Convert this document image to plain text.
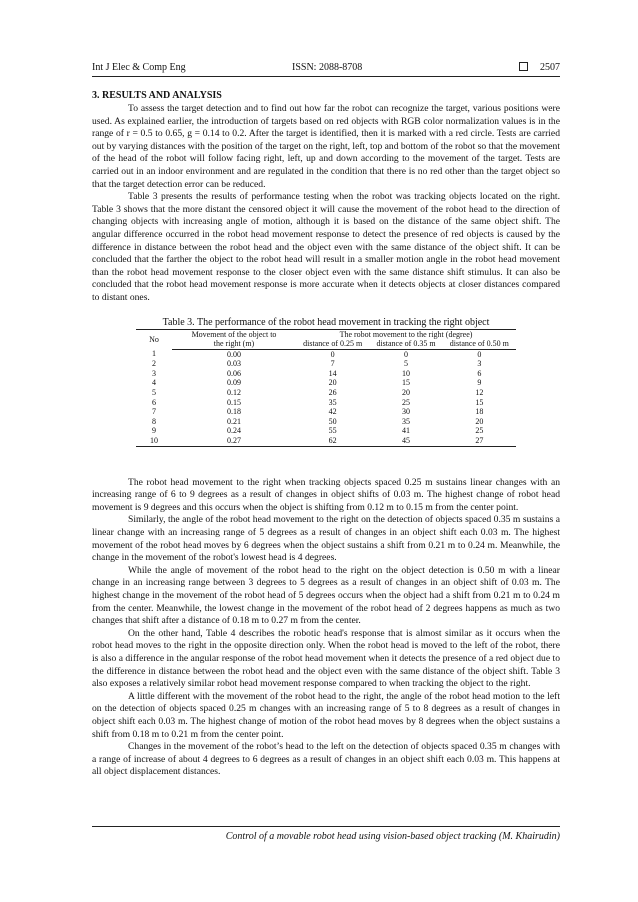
Int J Elec & Comp Eng	ISSN: 2088-8708	2507
3. RESULTS AND ANALYSIS

To assess the target detection and to find out how far the robot can recognize the target, various positions were used. As explained earlier, the introduction of targets based on red objects with RGB color normalization values is in the range of r = 0.5 to 0.65, g = 0.14 to 0.2. After the target is identified, then it is marked with a red circle. Tests are carried out by varying distances with the position of the target on the right, left, top and bottom of the robot so that the movement of the head of the robot will follow facing right, left, up and down according to the movement of the target. Tests are carried out in an indoor environment and are regulated in the condition that there is no red other than the target object so that the target detection error can be reduced.

Table 3 presents the results of performance testing when the robot was tracking objects located on the right. Table 3 shows that the more distant the censored object it will cause the movement of the robot head to the direction of changing objects with increasing angle of motion, although it is based on the distance of the same object shift. The angular difference occurred in the robot head movement response to detect the presence of red objects is caused by the difference in distance between the robot head and the object even with the same distance of the object shift. It can be concluded that the farther the object to the robot head will result in a smaller motion angle in the robot head movement than the robot head movement response to the closer object even with the same distance shift stimulus. It can also be concluded that the robot head movement response is more accurate when it detects objects at closer distances compared to distant ones.

Table 3. The performance of the robot head movement in tracking the right object
No	Movement of the object to	The robot movement to the right (degree)		
	the right (m)	distance of 0.25 m	distance of 0.35 m	distance of 0.50 m
1	0.00	0	0	0
2	0.03	7	5	3
3	0.06	14	10	6
4	0.09	20	15	9
5	0.12	26	20	12
6	0.15	35	25	15
7	0.18	42	30	18
8	0.21	50	35	20
9	0.24	55	41	25
10	0.27	62	45	27

The robot head movement to the right when tracking objects spaced 0.25 m sustains linear changes with an increasing range of 6 to 9 degrees as a result of changes in object shifts of 0.03 m. The highest change of robot head movement is 9 degrees and this occurs when the object is shifting from 0.12 m to 0.15 m from the center point.

Similarly, the angle of the robot head movement to the right on the detection of objects spaced 0.35 m sustains a linear change with an increasing range of 5 degrees as a result of changes in an object shift each 0.03 m. The highest movement of the robot head moves by 6 degrees when the object sustains a shift from 0.21 m to 0.24 m. Meanwhile, the change in the movement of the robot's lowest head is 4 degrees.

While the angle of movement of the robot head to the right on the object detection is 0.50 m with a linear change in an increasing range between 3 degrees to 5 degrees as a result of changes in an object shift of 0.03 m. The highest change in the movement of the robot head of 5 degrees occurs when the object had a shift from 0.21 m to 0.24 m from the center. Meanwhile, the lowest change in the movement of the robot head of 2 degrees happens as much as two changes that shift after a distance of 0.18 m to 0.27 m from the center.

On the other hand, Table 4 describes the robotic head's response that is almost similar as it occurs when the robot head moves to the right in the opposite direction only. When the robot head is moved to the left of the robot, there is also a difference in the angular response of the robot head movement when it detects the presence of a red object due to the difference in distance between the robot head and the object even with the same distance of the object shift. Table 3 also exposes a relatively similar robot head movement response compared to when tracking the object to the right.

A little different with the movement of the robot head to the right, the angle of the robot head motion to the left on the detection of objects spaced 0.25 m changes with an increasing range of 5 to 8 degrees as a result of changes in object shift each 0.03 m. The highest change of motion of the robot head moves by 8 degrees when the object sustains a shift from 0.18 m to 0.21 m from the center point.

Changes in the movement of the robot’s head to the left on the detection of objects spaced 0.35 m changes with a range of increase of about 4 degrees to 6 degrees as a result of changes in an object shift each 0.03 m. This happens at all object displacement distances.

Control of a movable robot head using vision-based object tracking (M. Khairudin)
